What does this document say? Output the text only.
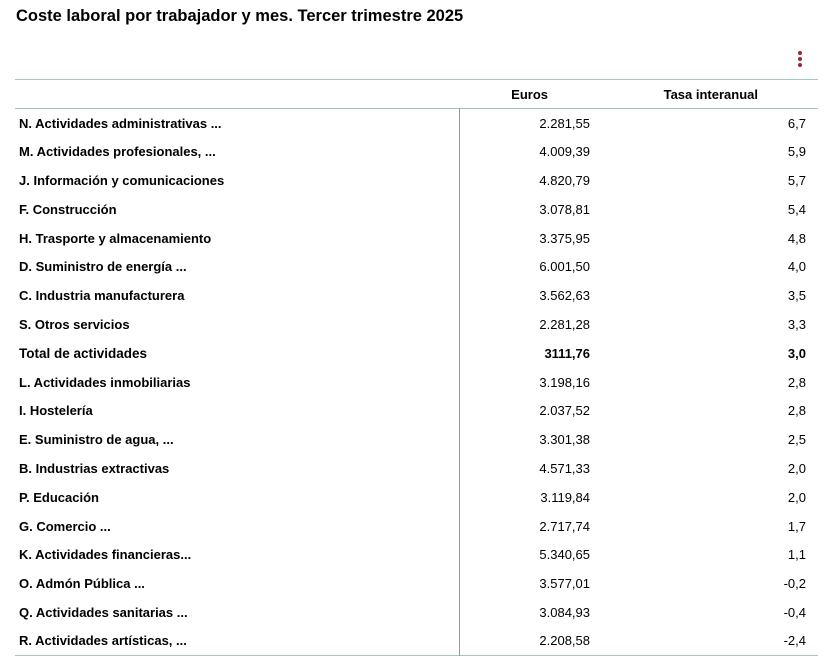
Coste laboral por trabajador y mes. Tercer trimestre 2025
	Euros	Tasa interanual
N. Actividades administrativas ...	2.281,55	6,7
M. Actividades profesionales, ...	4.009,39	5,9
J. Información y comunicaciones	4.820,79	5,7
F. Construcción	3.078,81	5,4
H. Trasporte y almacenamiento	3.375,95	4,8
D. Suministro de energía ...	6.001,50	4,0
C. Industria manufacturera	3.562,63	3,5
S. Otros servicios	2.281,28	3,3
Total de actividades	3111,76	3,0
L. Actividades inmobiliarias	3.198,16	2,8
I. Hostelería	2.037,52	2,8
E. Suministro de agua, ...	3.301,38	2,5
B. Industrias extractivas	4.571,33	2,0
P. Educación	3.119,84	2,0
G. Comercio ...	2.717,74	1,7
K. Actividades financieras...	5.340,65	1,1
O. Admón Pública ...	3.577,01	-0,2
Q. Actividades sanitarias ...	3.084,93	-0,4
R. Actividades artísticas, ...	2.208,58	-2,4
